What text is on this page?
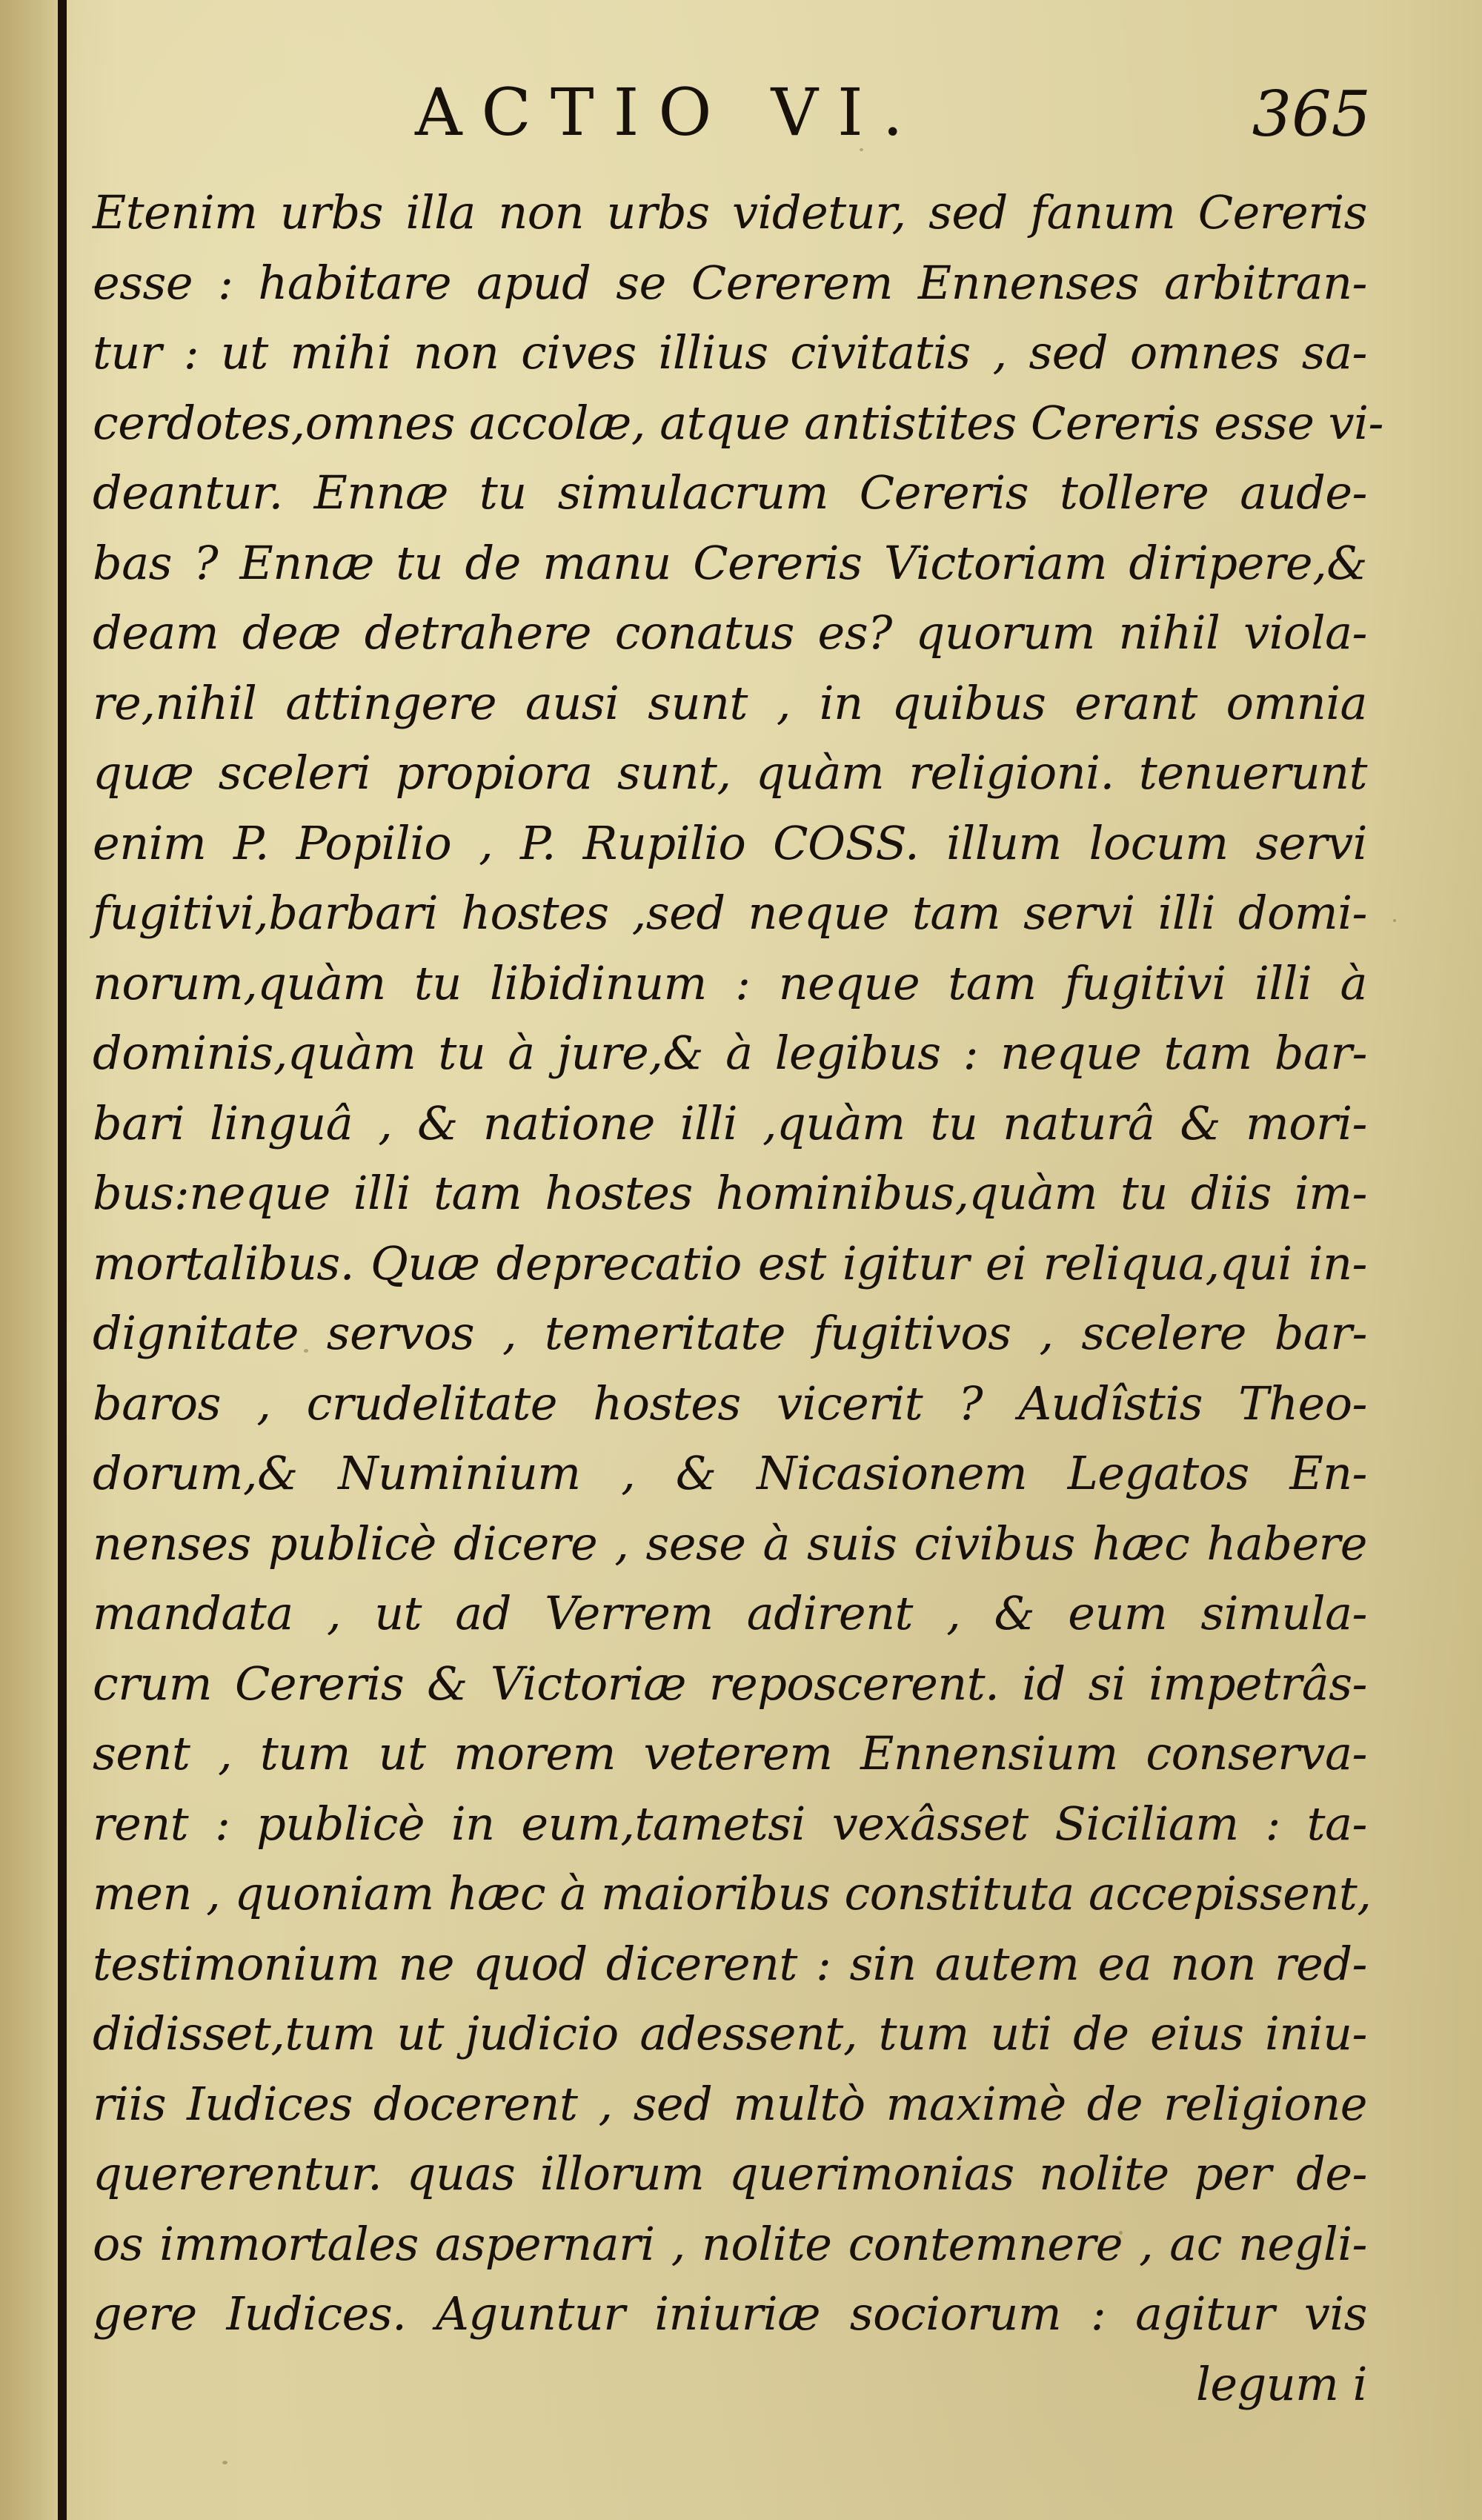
ACTIO VI.	365
Etenim urbs illa non urbs videtur, sed fanum Cereris
esse : habitare apud se Cererem Ennenses arbitran-
tur : ut mihi non cives illius civitatis , sed omnes sa-
cerdotes,omnes accolæ, atque antistites Cereris esse vi-
deantur. Ennæ tu simulacrum Cereris tollere aude-
bas ? Ennæ tu de manu Cereris Victoriam diripere,&
deam deæ detrahere conatus es? quorum nihil viola-
re,nihil attingere ausi sunt , in quibus erant omnia
quæ sceleri propiora sunt, quàm religioni. tenuerunt
enim P. Popilio , P. Rupilio COSS. illum locum servi
fugitivi,barbari hostes ,sed neque tam servi illi domi-
norum,quàm tu libidinum : neque tam fugitivi illi à
dominis,quàm tu à jure,& à legibus : neque tam bar-
bari linguâ , & natione illi ,quàm tu naturâ & mori-
bus:neque illi tam hostes hominibus,quàm tu diis im-
mortalibus. Quæ deprecatio est igitur ei reliqua,qui in-
dignitate servos , temeritate fugitivos , scelere bar-
baros , crudelitate hostes vicerit ? Audîstis Theo-
dorum,& Numinium , & Nicasionem Legatos En-
nenses publicè dicere , sese à suis civibus hæc habere
mandata , ut ad Verrem adirent , & eum simula-
crum Cereris & Victoriæ reposcerent. id si impetrâs-
sent , tum ut morem veterem Ennensium conserva-
rent : publicè in eum,tametsi vexâsset Siciliam : ta-
men , quoniam hæc à maioribus constituta accepissent,
testimonium ne quod dicerent : sin autem ea non red-
didisset,tum ut judicio adessent, tum uti de eius iniu-
riis Iudices docerent , sed multò maximè de religione
quererentur. quas illorum querimonias nolite per de-
os immortales aspernari , nolite contemnere , ac negli-
gere Iudices. Aguntur iniuriæ sociorum : agitur vis
legum i
